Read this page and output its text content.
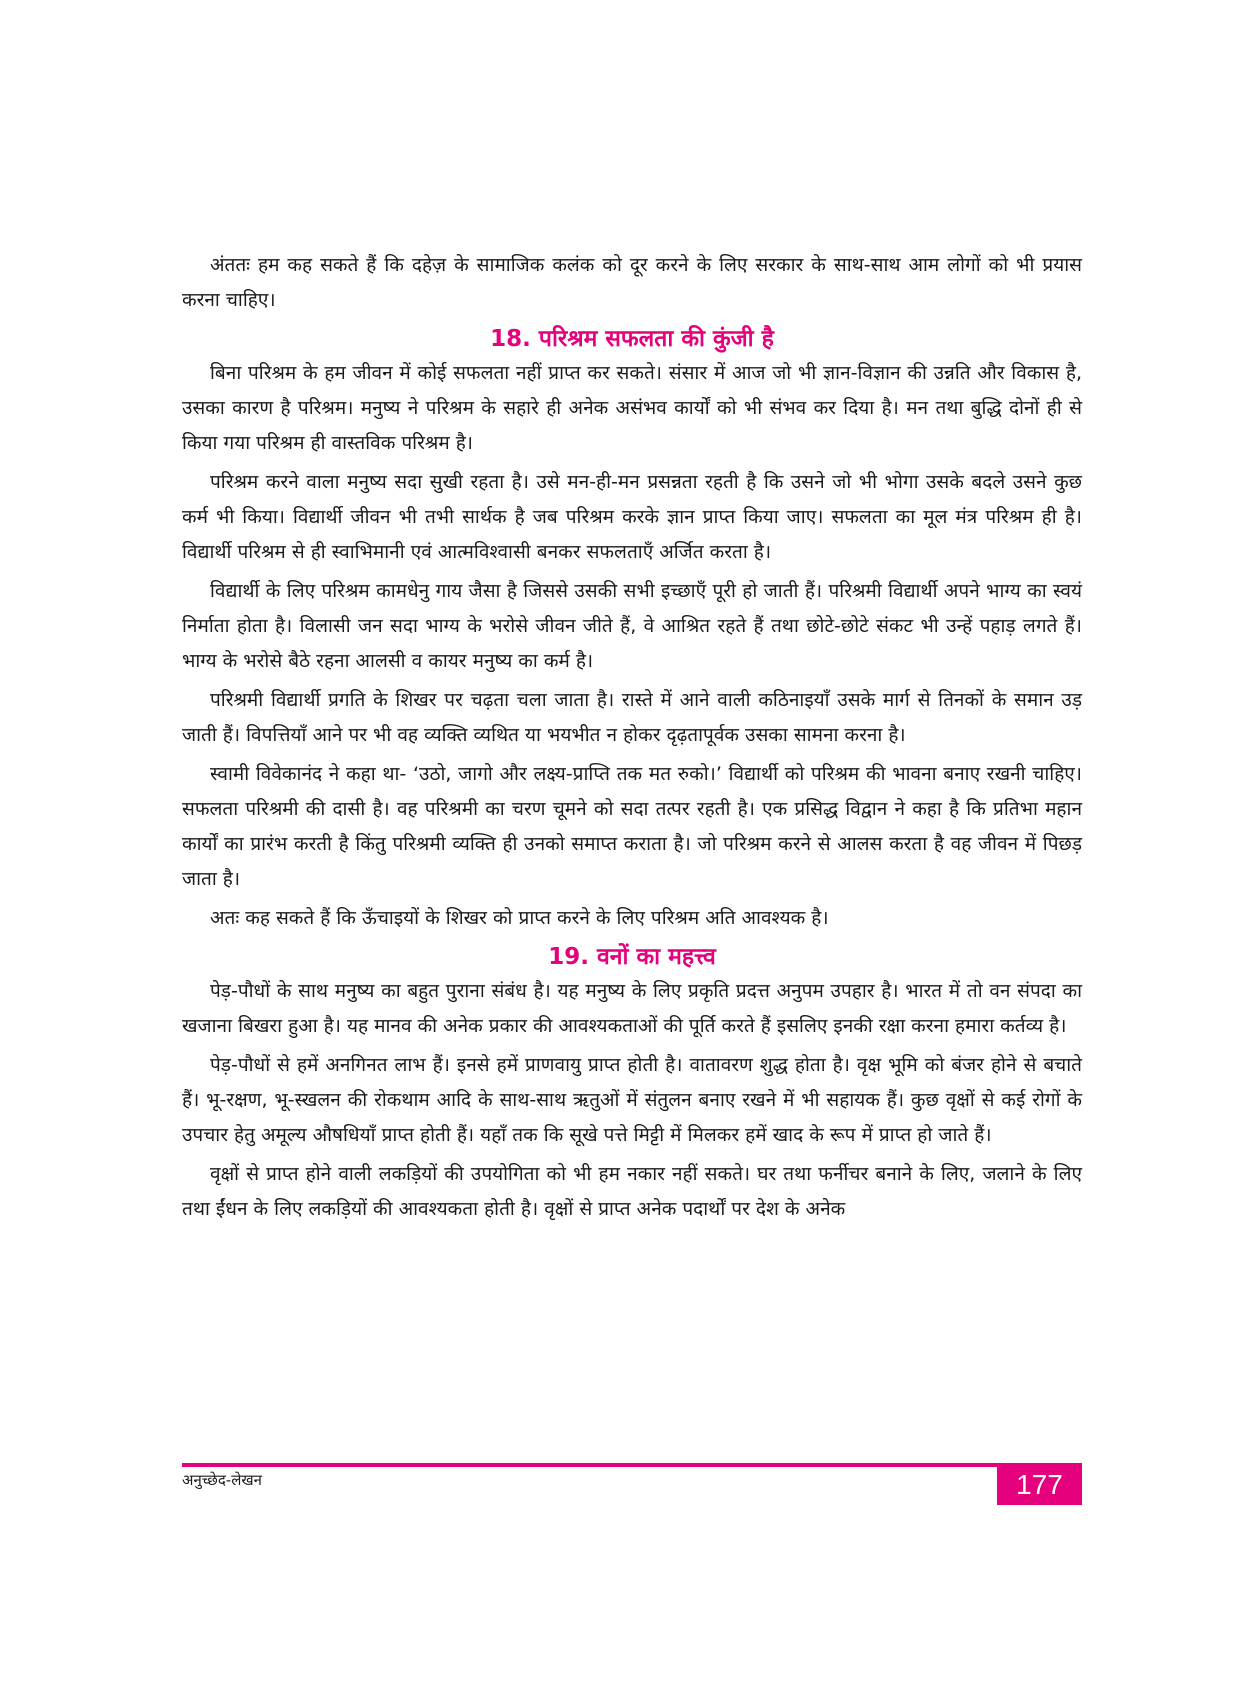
अंततः हम कह सकते हैं कि दहेज़ के सामाजिक कलंक को दूर करने के लिए सरकार के साथ-साथ आम लोगों को भी प्रयास करना चाहिए।

18. परिश्रम सफलता की कुंजी है

बिना परिश्रम के हम जीवन में कोई सफलता नहीं प्राप्त कर सकते। संसार में आज जो भी ज्ञान-विज्ञान की उन्नति और विकास है, उसका कारण है परिश्रम। मनुष्य ने परिश्रम के सहारे ही अनेक असंभव कार्यों को भी संभव कर दिया है। मन तथा बुद्धि दोनों ही से किया गया परिश्रम ही वास्तविक परिश्रम है।

परिश्रम करने वाला मनुष्य सदा सुखी रहता है। उसे मन-ही-मन प्रसन्नता रहती है कि उसने जो भी भोगा उसके बदले उसने कुछ कर्म भी किया। विद्यार्थी जीवन भी तभी सार्थक है जब परिश्रम करके ज्ञान प्राप्त किया जाए। सफलता का मूल मंत्र परिश्रम ही है। विद्यार्थी परिश्रम से ही स्वाभिमानी एवं आत्मविश्वासी बनकर सफलताएँ अर्जित करता है।

विद्यार्थी के लिए परिश्रम कामधेनु गाय जैसा है जिससे उसकी सभी इच्छाएँ पूरी हो जाती हैं। परिश्रमी विद्यार्थी अपने भाग्य का स्वयं निर्माता होता है। विलासी जन सदा भाग्य के भरोसे जीवन जीते हैं, वे आश्रित रहते हैं तथा छोटे-छोटे संकट भी उन्हें पहाड़ लगते हैं। भाग्य के भरोसे बैठे रहना आलसी व कायर मनुष्य का कर्म है।

परिश्रमी विद्यार्थी प्रगति के शिखर पर चढ़ता चला जाता है। रास्ते में आने वाली कठिनाइयाँ उसके मार्ग से तिनकों के समान उड़ जाती हैं। विपत्तियाँ आने पर भी वह व्यक्ति व्यथित या भयभीत न होकर दृढ़तापूर्वक उसका सामना करना है।

स्वामी विवेकानंद ने कहा था- ‘उठो, जागो और लक्ष्य-प्राप्ति तक मत रुको।’ विद्यार्थी को परिश्रम की भावना बनाए रखनी चाहिए। सफलता परिश्रमी की दासी है। वह परिश्रमी का चरण चूमने को सदा तत्पर रहती है। एक प्रसिद्ध विद्वान ने कहा है कि प्रतिभा महान कार्यों का प्रारंभ करती है किंतु परिश्रमी व्यक्ति ही उनको समाप्त कराता है। जो परिश्रम करने से आलस करता है वह जीवन में पिछड़ जाता है।

अतः कह सकते हैं कि ऊँचाइयों के शिखर को प्राप्त करने के लिए परिश्रम अति आवश्यक है।

19. वनों का महत्त्व

पेड़-पौधों के साथ मनुष्य का बहुत पुराना संबंध है। यह मनुष्य के लिए प्रकृति प्रदत्त अनुपम उपहार है। भारत में तो वन संपदा का खजाना बिखरा हुआ है। यह मानव की अनेक प्रकार की आवश्यकताओं की पूर्ति करते हैं इसलिए इनकी रक्षा करना हमारा कर्तव्य है।

पेड़-पौधों से हमें अनगिनत लाभ हैं। इनसे हमें प्राणवायु प्राप्त होती है। वातावरण शुद्ध होता है। वृक्ष भूमि को बंजर होने से बचाते हैं। भू-रक्षण, भू-स्खलन की रोकथाम आदि के साथ-साथ ऋतुओं में संतुलन बनाए रखने में भी सहायक हैं। कुछ वृक्षों से कई रोगों के उपचार हेतु अमूल्य औषधियाँ प्राप्त होती हैं। यहाँ तक कि सूखे पत्ते मिट्टी में मिलकर हमें खाद के रूप में प्राप्त हो जाते हैं।

वृक्षों से प्राप्त होने वाली लकड़ियों की उपयोगिता को भी हम नकार नहीं सकते। घर तथा फर्नीचर बनाने के लिए, जलाने के लिए तथा ईंधन के लिए लकड़ियों की आवश्यकता होती है। वृक्षों से प्राप्त अनेक पदार्थों पर देश के अनेक

अनुच्छेद-लेखन	177
